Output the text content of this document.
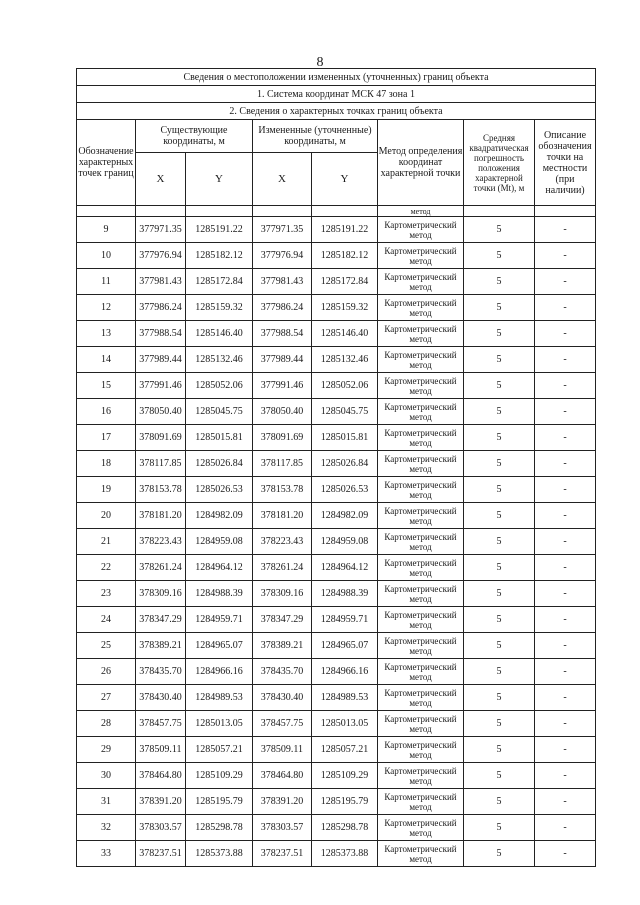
8
Сведения о местоположении измененных (уточненных) границ объекта							
1. Система координат МСК 47 зона 1							
2. Сведения о характерных точках границ объекта							
Обозначение характерных точек границ	Существующие координаты, м		Измененные (уточненные) координаты, м		Метод определения координат характерной точки	Средняя квадратическая погрешность положения характерной точки (Mt), м	Описание обозначения точки на местности (при наличии)
	X	Y	X	Y			
					метод		
9	377971.35	1285191.22	377971.35	1285191.22	Картометрический метод	5	-
10	377976.94	1285182.12	377976.94	1285182.12	Картометрический метод	5	-
11	377981.43	1285172.84	377981.43	1285172.84	Картометрический метод	5	-
12	377986.24	1285159.32	377986.24	1285159.32	Картометрический метод	5	-
13	377988.54	1285146.40	377988.54	1285146.40	Картометрический метод	5	-
14	377989.44	1285132.46	377989.44	1285132.46	Картометрический метод	5	-
15	377991.46	1285052.06	377991.46	1285052.06	Картометрический метод	5	-
16	378050.40	1285045.75	378050.40	1285045.75	Картометрический метод	5	-
17	378091.69	1285015.81	378091.69	1285015.81	Картометрический метод	5	-
18	378117.85	1285026.84	378117.85	1285026.84	Картометрический метод	5	-
19	378153.78	1285026.53	378153.78	1285026.53	Картометрический метод	5	-
20	378181.20	1284982.09	378181.20	1284982.09	Картометрический метод	5	-
21	378223.43	1284959.08	378223.43	1284959.08	Картометрический метод	5	-
22	378261.24	1284964.12	378261.24	1284964.12	Картометрический метод	5	-
23	378309.16	1284988.39	378309.16	1284988.39	Картометрический метод	5	-
24	378347.29	1284959.71	378347.29	1284959.71	Картометрический метод	5	-
25	378389.21	1284965.07	378389.21	1284965.07	Картометрический метод	5	-
26	378435.70	1284966.16	378435.70	1284966.16	Картометрический метод	5	-
27	378430.40	1284989.53	378430.40	1284989.53	Картометрический метод	5	-
28	378457.75	1285013.05	378457.75	1285013.05	Картометрический метод	5	-
29	378509.11	1285057.21	378509.11	1285057.21	Картометрический метод	5	-
30	378464.80	1285109.29	378464.80	1285109.29	Картометрический метод	5	-
31	378391.20	1285195.79	378391.20	1285195.79	Картометрический метод	5	-
32	378303.57	1285298.78	378303.57	1285298.78	Картометрический метод	5	-
33	378237.51	1285373.88	378237.51	1285373.88	Картометрический метод	5	-
